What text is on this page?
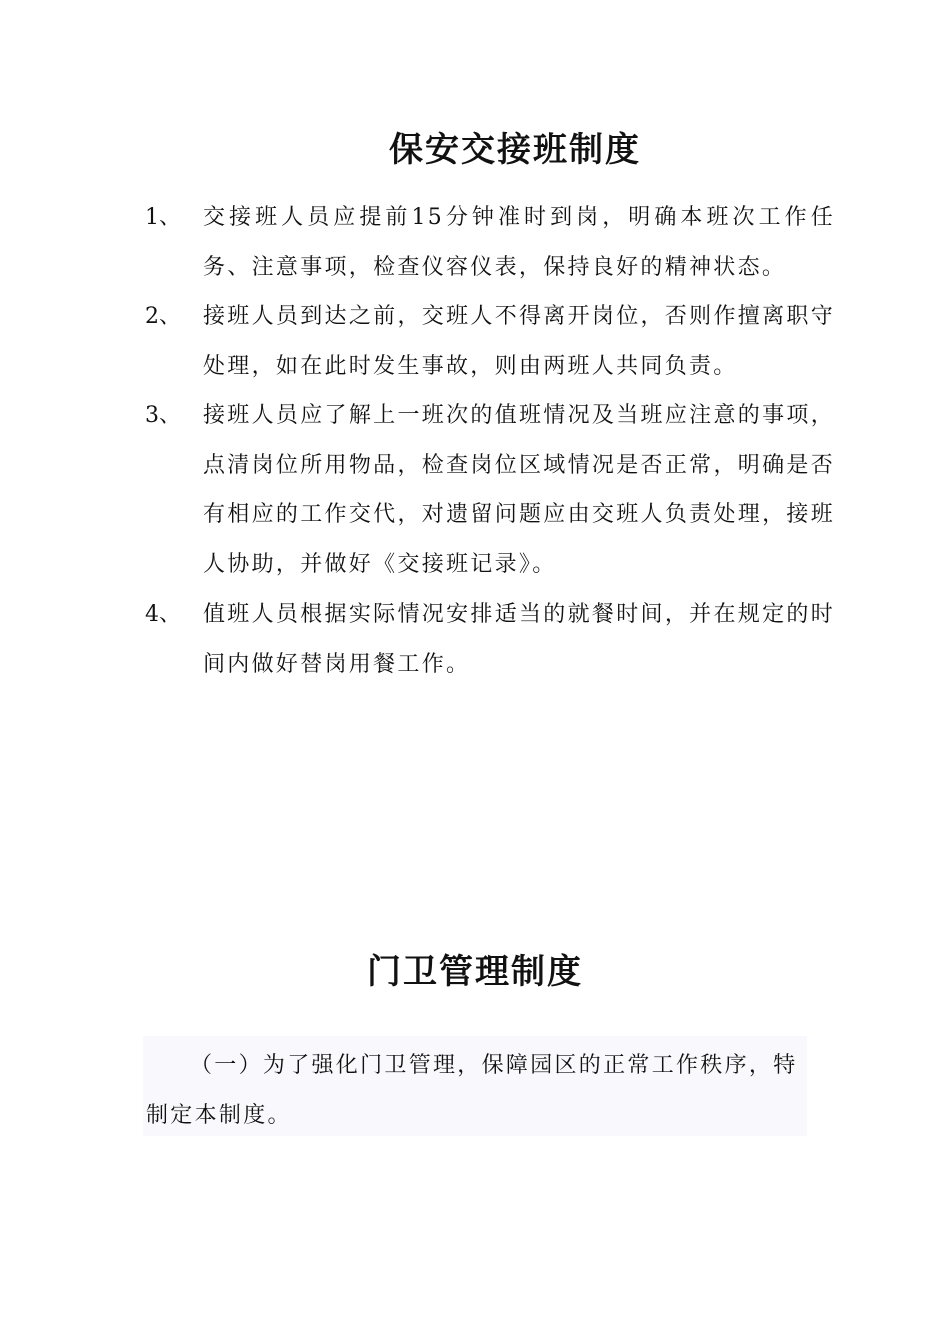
保安交接班制度
1、	交接班人员应提前15分钟准时到岗，明确本班次工作任务、注意事项，检查仪容仪表，保持良好的精神状态。
2、	接班人员到达之前，交班人不得离开岗位，否则作擅离职守处理，如在此时发生事故，则由两班人共同负责。
3、	接班人员应了解上一班次的值班情况及当班应注意的事项，点清岗位所用物品，检查岗位区域情况是否正常，明确是否有相应的工作交代，对遗留问题应由交班人负责处理，接班人协助，并做好《交接班记录》。
4、	值班人员根据实际情况安排适当的就餐时间，并在规定的时间内做好替岗用餐工作。
门卫管理制度

（一）为了强化门卫管理，保障园区的正常工作秩序，特制定本制度。
